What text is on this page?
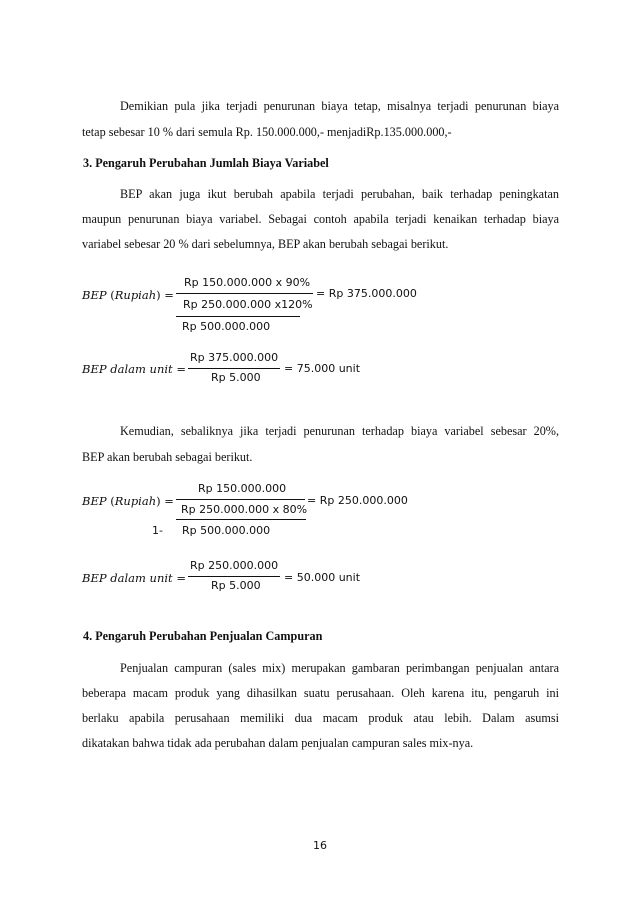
Demikian pula jika terjadi penurunan biaya tetap, misalnya terjadi penurunan biaya
tetap sebesar 10 % dari semula Rp. 150.000.000,- menjadiRp.135.000.000,-
3. Pengaruh Perubahan Jumlah Biaya Variabel
BEP akan juga ikut berubah apabila terjadi perubahan, baik terhadap peningkatan
maupun penurunan biaya variabel. Sebagai contoh apabila terjadi kenaikan terhadap biaya
variabel sebesar 20 % dari sebelumnya, BEP akan berubah sebagai berikut.
BEP (Rupiah) =
Rp 150.000.000 x 90%
Rp 250.000.000 x120%
Rp 500.000.000
= Rp 375.000.000
BEP dalam unit =
Rp 375.000.000
Rp 5.000
= 75.000 unit
Kemudian, sebaliknya jika terjadi penurunan terhadap biaya variabel sebesar 20%,
BEP akan berubah sebagai berikut.
BEP (Rupiah) =
Rp 150.000.000
Rp 250.000.000 x 80%
1- Rp 500.000.000
= Rp 250.000.000
BEP dalam unit =
Rp 250.000.000
Rp 5.000
= 50.000 unit
4. Pengaruh Perubahan Penjualan Campuran
Penjualan campuran (sales mix) merupakan gambaran perimbangan penjualan antara
beberapa macam produk yang dihasilkan suatu perusahaan. Oleh karena itu, pengaruh ini
berlaku apabila perusahaan memiliki dua macam produk atau lebih. Dalam asumsi
dikatakan bahwa tidak ada perubahan dalam penjualan campuran sales mix-nya.
16
